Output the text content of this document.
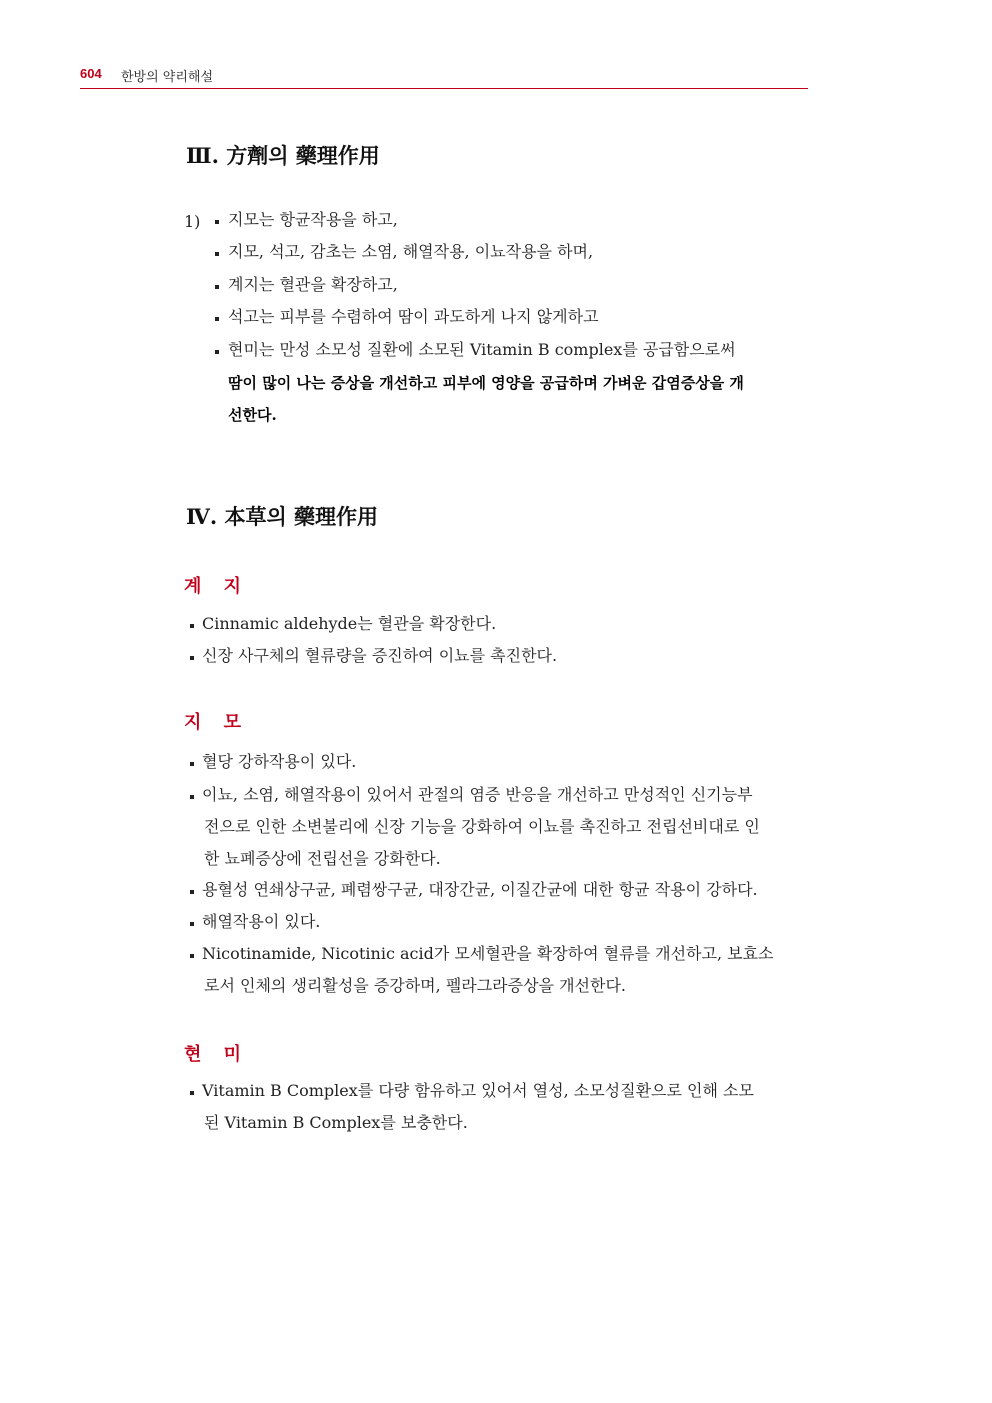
604 한방의 약리해설
Ⅲ. 方劑의 藥理作用
1) 지모는 항균작용을 하고,
지모, 석고, 감초는 소염, 해열작용, 이뇨작용을 하며,
계지는 혈관을 확장하고,
석고는 피부를 수렴하여 땀이 과도하게 나지 않게하고
현미는 만성 소모성 질환에 소모된 Vitamin B complex를 공급함으로써
땀이 많이 나는 증상을 개선하고 피부에 영양을 공급하며 가벼운 갑염증상을 개
선한다.
Ⅳ. 本草의 藥理作用
계 지
Cinnamic aldehyde는 혈관을 확장한다.
신장 사구체의 혈류량을 증진하여 이뇨를 촉진한다.
지 모
혈당 강하작용이 있다.
이뇨, 소염, 해열작용이 있어서 관절의 염증 반응을 개선하고 만성적인 신기능부
전으로 인한 소변불리에 신장 기능을 강화하여 이뇨를 촉진하고 전립선비대로 인
한 뇨폐증상에 전립선을 강화한다.
용혈성 연쇄상구균, 폐렴쌍구균, 대장간균, 이질간균에 대한 항균 작용이 강하다.
해열작용이 있다.
Nicotinamide, Nicotinic acid가 모세혈관을 확장하여 혈류를 개선하고, 보효소
로서 인체의 생리활성을 증강하며, 펠라그라증상을 개선한다.
현 미
Vitamin B Complex를 다량 함유하고 있어서 열성, 소모성질환으로 인해 소모
된 Vitamin B Complex를 보충한다.
